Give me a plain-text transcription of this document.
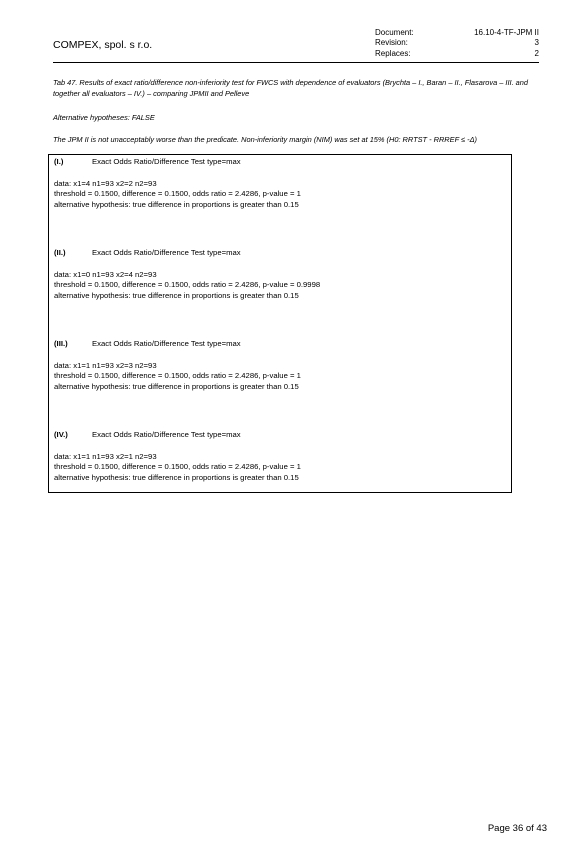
COMPEX, spol. s r.o.
Document:	16.10-4-TF-JPM II
Revision:	3
Replaces:	2
Tab 47. Results of exact ratio/difference non-inferiority test for FWCS with dependence of evaluators (Brychta – I., Baran – II., Flasarova – III. and together all evaluators – IV.) – comparing JPMII and Pelleve
Alternative hypotheses: FALSE
The JPM II is not unacceptably worse than the predicate. Non-inferiority margin (NIM) was set at 15% (H0: RRTST - RRREF ≤ -Δ)
(I.)	Exact Odds Ratio/Difference Test type=max
data: x1=4 n1=93 x2=2 n2=93
threshold = 0.1500, difference = 0.1500, odds ratio = 2.4286, p-value = 1
alternative hypothesis: true difference in proportions is greater than 0.15
(II.)	Exact Odds Ratio/Difference Test type=max
data: x1=0 n1=93 x2=4 n2=93
threshold = 0.1500, difference = 0.1500, odds ratio = 2.4286, p-value = 0.9998
alternative hypothesis: true difference in proportions is greater than 0.15
(III.)	Exact Odds Ratio/Difference Test type=max
data: x1=1 n1=93 x2=3 n2=93
threshold = 0.1500, difference = 0.1500, odds ratio = 2.4286, p-value = 1
alternative hypothesis: true difference in proportions is greater than 0.15
(IV.)	Exact Odds Ratio/Difference Test type=max
data: x1=1 n1=93 x2=1 n2=93
threshold = 0.1500, difference = 0.1500, odds ratio = 2.4286, p-value = 1
alternative hypothesis: true difference in proportions is greater than 0.15
Page 36 of 43
